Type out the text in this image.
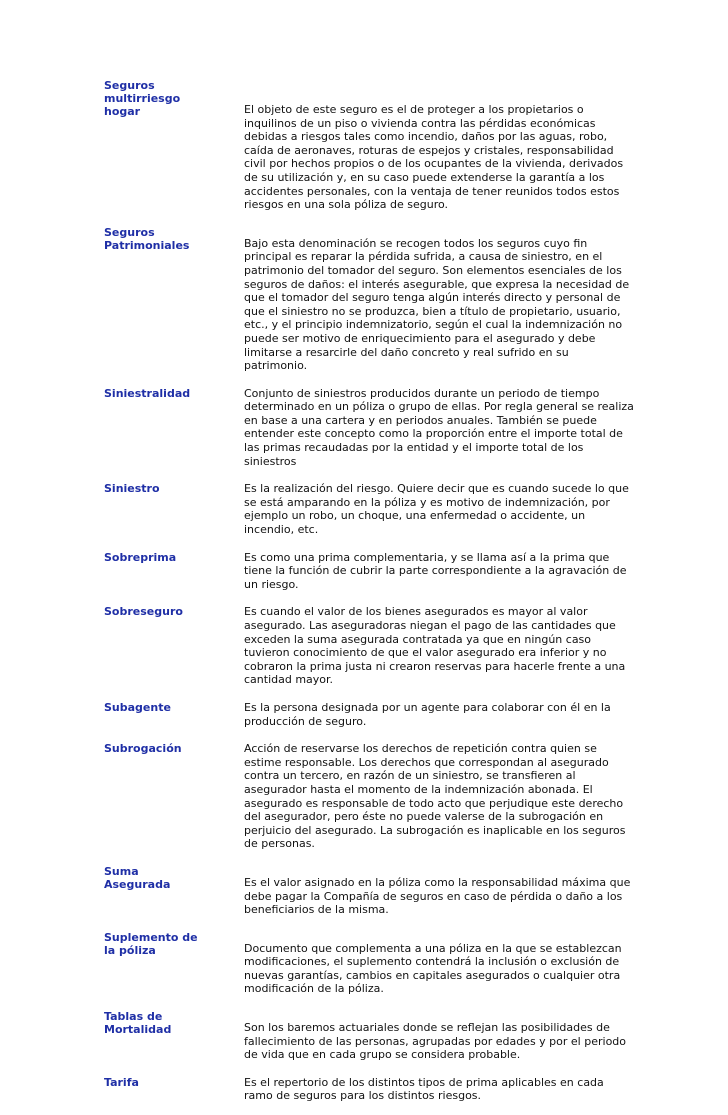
Seguros
multirriesgo
hogar	El objeto de este seguro es el de proteger a los propietarios o inquilinos de un piso o vivienda contra las pérdidas económicas debidas a riesgos tales como incendio, daños por las aguas, robo, caída de aeronaves, roturas de espejos y cristales, responsabilidad civil por hechos propios o de los ocupantes de la vivienda, derivados de su utilización y, en su caso puede extenderse la garantía a los accidentes personales, con la ventaja de tener reunidos todos estos riesgos en una sola póliza de seguro.
Seguros
Patrimoniales	Bajo esta denominación se recogen todos los seguros cuyo fin principal es reparar la pérdida sufrida, a causa de siniestro, en el patrimonio del tomador del seguro. Son elementos esenciales de los seguros de daños: el interés asegurable, que expresa la necesidad de que el tomador del seguro tenga algún interés directo y personal de que el siniestro no se produzca, bien a título de propietario, usuario, etc., y el principio indemnizatorio, según el cual la indemnización no puede ser motivo de enriquecimiento para el asegurado y debe limitarse a resarcirle del daño concreto y real sufrido en su patrimonio.
Siniestralidad	Conjunto de siniestros producidos durante un periodo de tiempo determinado en un póliza o grupo de ellas. Por regla general se realiza en base a una cartera y en periodos anuales. También se puede entender este concepto como la proporción entre el importe total de las primas recaudadas por la entidad y el importe total de los siniestros
Siniestro	Es la realización del riesgo. Quiere decir que es cuando sucede lo que se está amparando en la póliza y es motivo de indemnización, por ejemplo un robo, un choque, una enfermedad o accidente, un incendio, etc.
Sobreprima	Es como una prima complementaria, y se llama así a la prima que tiene la función de cubrir la parte correspondiente a la agravación de un riesgo.
Sobreseguro	Es cuando el valor de los bienes asegurados es mayor al valor asegurado. Las aseguradoras niegan el pago de las cantidades que exceden la suma asegurada contratada ya que en ningún caso tuvieron conocimiento de que el valor asegurado era inferior y no cobraron la prima justa ni crearon reservas para hacerle frente a una cantidad mayor.
Subagente	Es la persona designada por un agente para colaborar con él en la producción de seguro.
Subrogación	Acción de reservarse los derechos de repetición contra quien se estime responsable. Los derechos que correspondan al asegurado contra un tercero, en razón de un siniestro, se transfieren al asegurador hasta el momento de la indemnización abonada. El asegurado es responsable de todo acto que perjudique este derecho del asegurador, pero éste no puede valerse de la subrogación en perjuicio del asegurado. La subrogación es inaplicable en los seguros de personas.
Suma
Asegurada	Es el valor asignado en la póliza como la responsabilidad máxima que debe pagar la Compañía de seguros en caso de pérdida o daño a los beneficiarios de la misma.
Suplemento de
la póliza	Documento que complementa a una póliza en la que se establezcan modificaciones, el suplemento contendrá la inclusión o exclusión de nuevas garantías, cambios en capitales asegurados o cualquier otra modificación de la póliza.
Tablas de
Mortalidad	Son los baremos actuariales donde se reflejan las posibilidades de fallecimiento de las personas, agrupadas por edades y por el periodo de vida que en cada grupo se considera probable.
Tarifa	Es el repertorio de los distintos tipos de prima aplicables en cada ramo de seguros para los distintos riesgos.
